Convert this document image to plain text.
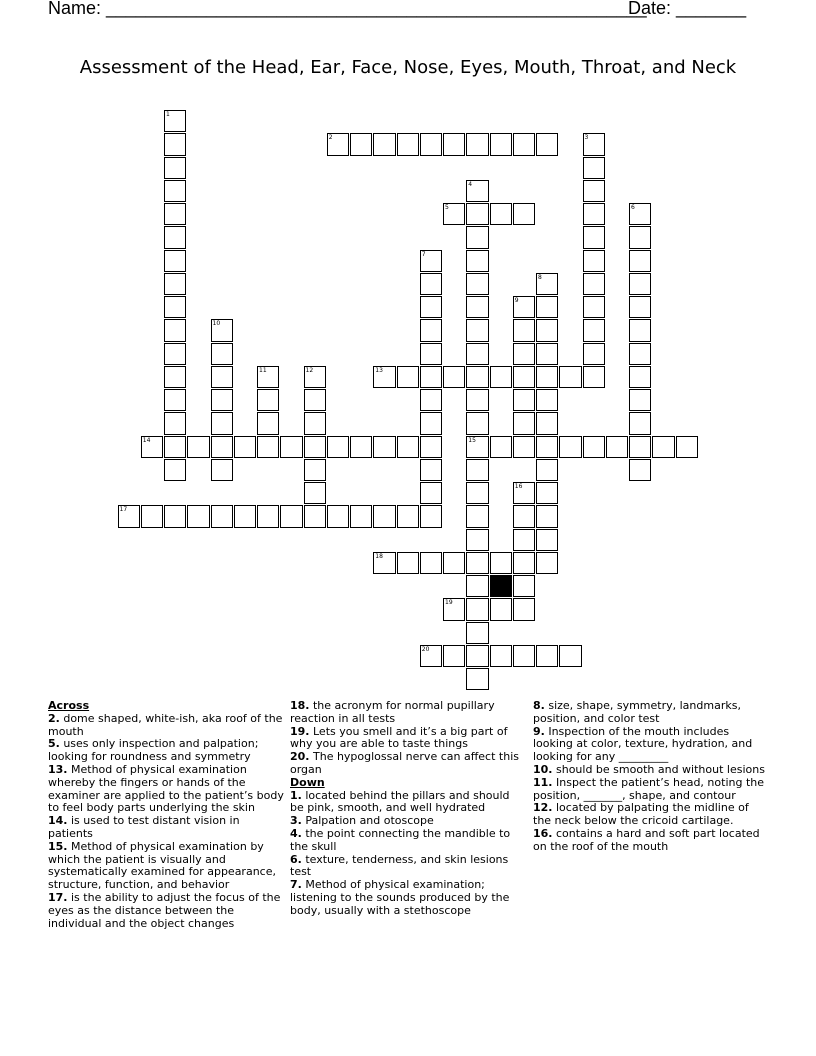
Name: ______________________________________________________
Date: _______
Assessment of the Head, Ear, Face, Nose, Eyes, Mouth, Throat, and Neck
1
2	3
4
15
5	6
7
8
9
10
11	12	13
14
16
17
18
19
20
Across
2. dome shaped, white-ish, aka roof of the mouth
5. uses only inspection and palpation; looking for roundness and symmetry
13. Method of physical examination whereby the fingers or hands of the examiner are applied to the patient’s body to feel body parts underlying the skin
14. is used to test distant vision in patients
15. Method of physical examination by which the patient is visually and systematically examined for appearance, structure, function, and behavior
17. is the ability to adjust the focus of the eyes as the distance between the individual and the object changes
18. the acronym for normal pupillary reaction in all tests
19. Lets you smell and it’s a big part of why you are able to taste things
20. The hypoglossal nerve can affect this organ
Down
1. located behind the pillars and should be pink, smooth, and well hydrated
3. Palpation and otoscope
4. the point connecting the mandible to the skull
6. texture, tenderness, and skin lesions test
7. Method of physical examination; listening to the sounds produced by the body, usually with a stethoscope
8. size, shape, symmetry, landmarks, position, and color test
9. Inspection of the mouth includes looking at color, texture, hydration, and looking for any _________
10. should be smooth and without lesions
11. Inspect the patient’s head, noting the position, _______, shape, and contour
12. located by palpating the midline of the neck below the cricoid cartilage.
16. contains a hard and soft part located on the roof of the mouth
